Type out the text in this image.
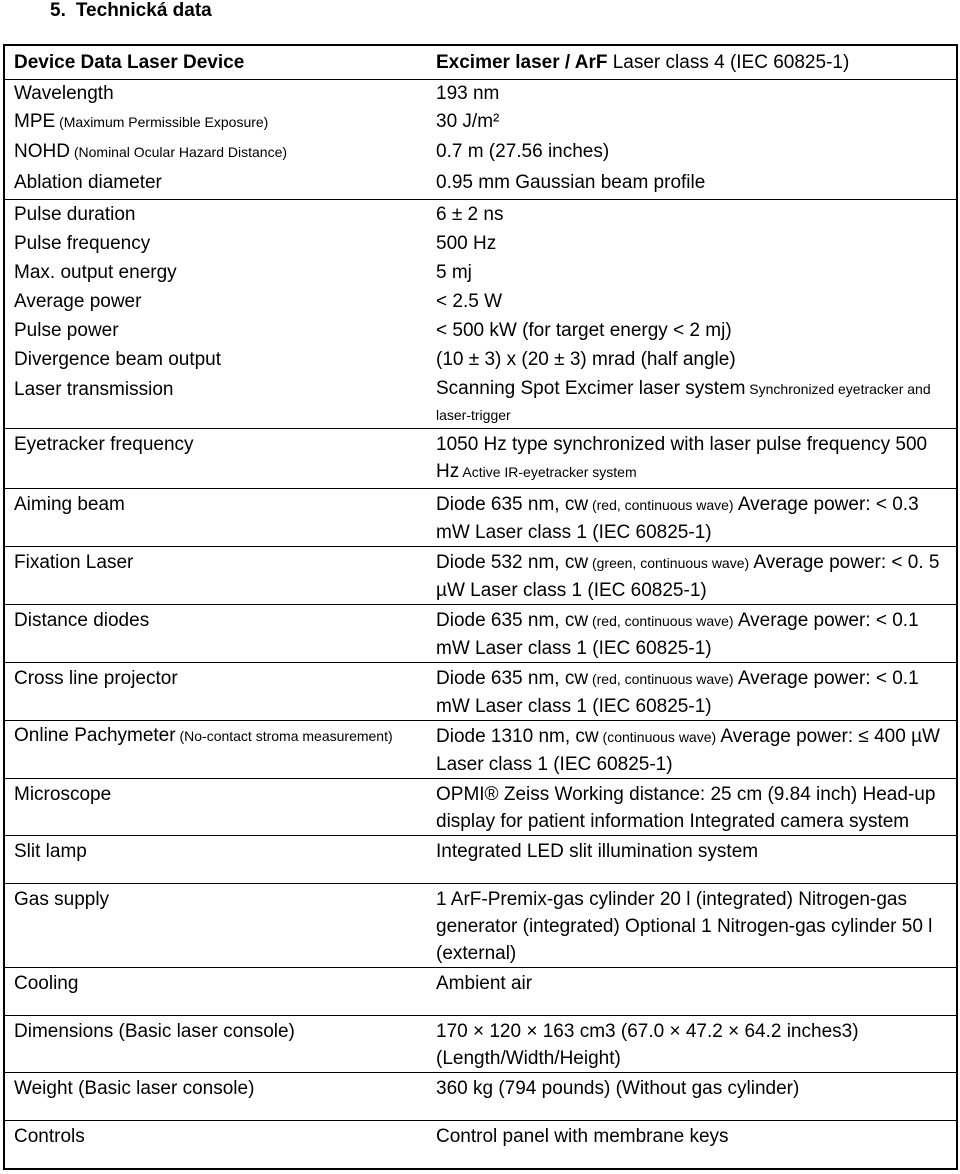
5. Technická data
Device Data Laser Device	Excimer laser / ArF Laser class 4 (IEC 60825-1)
Wavelength	193 nm
MPE (Maximum Permissible Exposure)	30 J/m²
NOHD (Nominal Ocular Hazard Distance)	0.7 m (27.56 inches)
Ablation diameter	0.95 mm Gaussian beam profile
Pulse duration	6 ± 2 ns
Pulse frequency	500 Hz
Max. output energy	5 mj
Average power	< 2.5 W
Pulse power	< 500 kW (for target energy < 2 mj)
Divergence beam output	(10 ± 3) x (20 ± 3) mrad (half angle)
Laser transmission	Scanning Spot Excimer laser system Synchronized eyetracker and laser-trigger
Eyetracker frequency	1050 Hz type synchronized with laser pulse frequency 500 Hz Active IR-eyetracker system
Aiming beam	Diode 635 nm, cw (red, continuous wave) Average power: < 0.3 mW Laser class 1 (IEC 60825-1)
Fixation Laser	Diode 532 nm, cw (green, continuous wave) Average power: < 0. 5 µW Laser class 1 (IEC 60825-1)
Distance diodes	Diode 635 nm, cw (red, continuous wave) Average power: < 0.1 mW Laser class 1 (IEC 60825-1)
Cross line projector	Diode 635 nm, cw (red, continuous wave) Average power: < 0.1 mW Laser class 1 (IEC 60825-1)
Online Pachymeter (No-contact stroma measurement)	Diode 1310 nm, cw (continuous wave) Average power: ≤ 400 µW Laser class 1 (IEC 60825-1)
Microscope	OPMI® Zeiss Working distance: 25 cm (9.84 inch) Head-up display for patient information Integrated camera system
Slit lamp	Integrated LED slit illumination system
Gas supply	1 ArF-Premix-gas cylinder 20 l (integrated) Nitrogen-gas generator (integrated) Optional 1 Nitrogen-gas cylinder 50 l (external)
Cooling	Ambient air
Dimensions (Basic laser console)	170 × 120 × 163 cm3 (67.0 × 47.2 × 64.2 inches3) (Length/Width/Height)
Weight (Basic laser console)	360 kg (794 pounds) (Without gas cylinder)
Controls	Control panel with membrane keys
